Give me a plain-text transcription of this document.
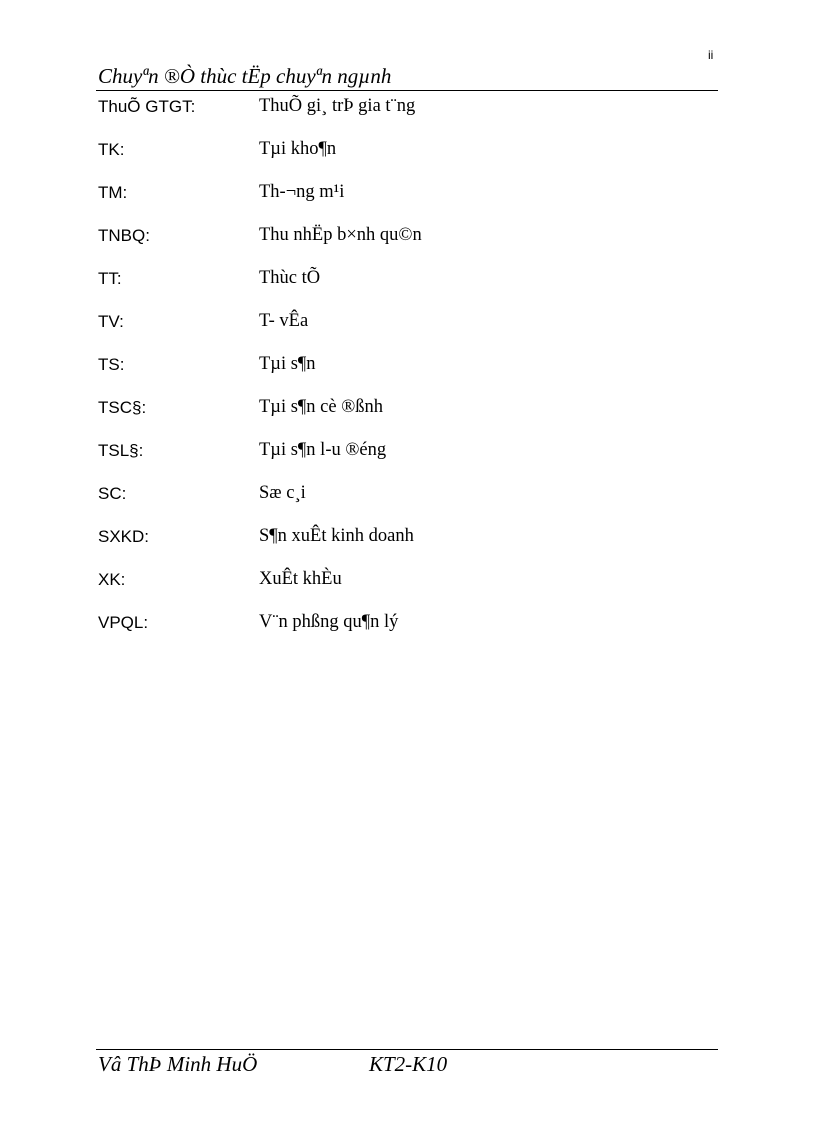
ii
Chuyªn ®Ò thùc tËp chuyªn ngµnh
ThuÕ GTGT:	ThuÕ gi¸ trÞ gia t¨ng
TK:	Tµi kho¶n
TM:	Th-¬ng m¹i
TNBQ:	Thu nhËp b×nh qu©n
TT:	Thùc tÕ
TV:	T- vÊa
TS:	Tµi s¶n
TSC§:	Tµi s¶n cè ®ßnh
TSL§:	Tµi s¶n l-u ®éng
SC:	Sæ c¸i
SXKD:	S¶n xuÊt kinh doanh
XK:	XuÊt khÈu
VPQL:	V¨n phßng qu¶n lý
Vâ ThÞ Minh HuÖ	KT2-K10
